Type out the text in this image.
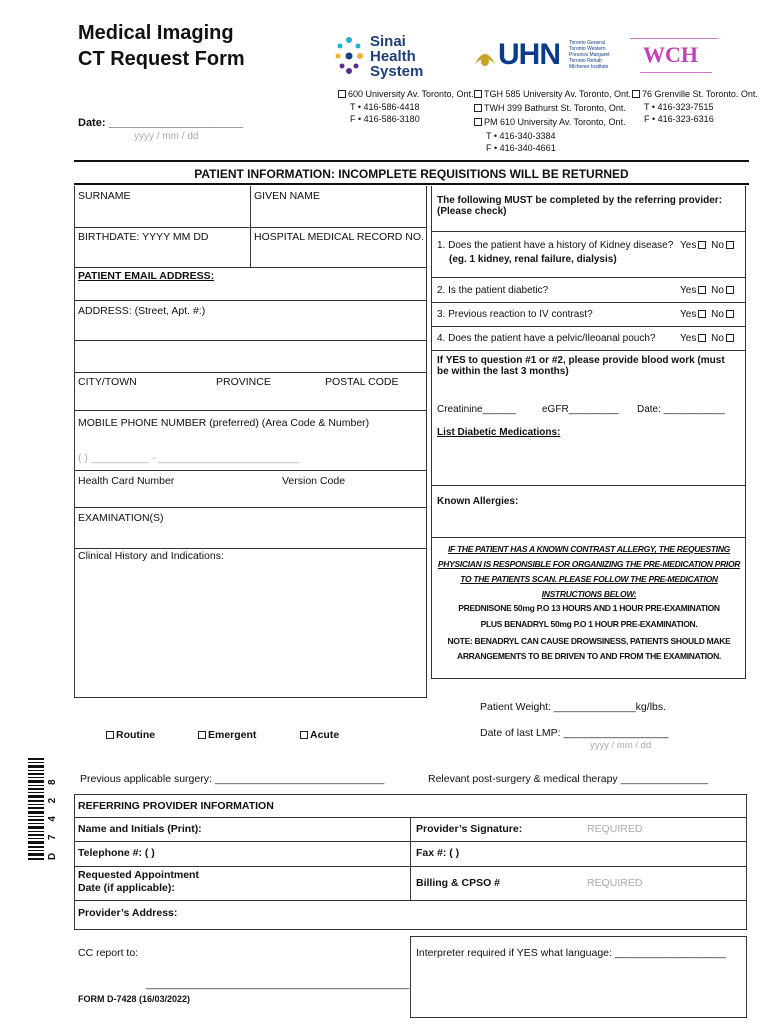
Medical Imaging
CT Request Form
Date: ______________________
yyyy / mm / dd
Sinai
Health
System
UHN Toronto General
Toronto Western
Princess Margaret
Toronto Rehab
Michener Institute WCH
600 University Av. Toronto, Ont.
T • 416-586-4418
F • 416-586-3180
TGH 585 University Av. Toronto, Ont.
TWH 399 Bathurst St. Toronto, Ont.
PM 610 University Av. Toronto, Ont.
T • 416-340-3384
F • 416-340-4661
76 Grenville St. Toronto. Ont.
T • 416-323-7515
F • 416-323-6316
PATIENT INFORMATION: INCOMPLETE REQUISITIONS WILL BE RETURNED
SURNAME	GIVEN NAME
BIRTHDATE: YYYY MM DD	HOSPITAL MEDICAL RECORD NO.
PATIENT EMAIL ADDRESS:
ADDRESS: (Street, Apt. #:)
CITY/TOWN	PROVINCE	POSTAL CODE
MOBILE PHONE NUMBER (preferred) (Area Code & Number)
( ) __________ - ________________________
Health Card Number	Version Code
EXAMINATION(S)
Clinical History and Indications:
The following MUST be completed by the referring provider: (Please check)
1. Does the patient have a history of Kidney disease?
(eg. 1 kidney, renal failure, dialysis)
Yes No
2. Is the patient diabetic?	Yes No
3. Previous reaction to IV contrast?	Yes No
4. Does the patient have a pelvic/Ileoanal pouch? Yes No
If YES to question #1 or #2, please provide blood work (must be within the last 3 months)
Creatinine______	eGFR_________ Date: ___________
List Diabetic Medications:
Known Allergies:
IF THE PATIENT HAS A KNOWN CONTRAST ALLERGY, THE REQUESTING PHYSICIAN IS RESPONSIBLE FOR ORGANIZING THE PRE-MEDICATION PRIOR TO THE PATIENTS SCAN. PLEASE FOLLOW THE PRE-MEDICATION INSTRUCTIONS BELOW:
PREDNISONE 50mg P.O 13 HOURS AND 1 HOUR PRE-EXAMINATION
PLUS BENADRYL 50mg P.O 1 HOUR PRE-EXAMINATION.
NOTE: BENADRYL CAN CAUSE DROWSINESS, PATIENTS SHOULD MAKE ARRANGEMENTS TO BE DRIVEN TO AND FROM THE EXAMINATION.
Patient Weight: ______________kg/lbs.
Date of last LMP: __________________
yyyy / mm / dd
Routine	Emergent	Acute
D 7 4 2 8 Previous applicable surgery: _____________________________	Relevant post-surgery & medical therapy _______________
REFERRING PROVIDER INFORMATION
Name and Initials (Print):	Provider’s Signature:	REQUIRED
Telephone #: ( )	Fax #: ( )
Requested Appointment
Date (if applicable):	Billing & CPSO #	REQUIRED
Provider’s Address:
CC report to:
_____________________________________________
Interpreter required if YES what language: ___________________
FORM D-7428 (16/03/2022)
